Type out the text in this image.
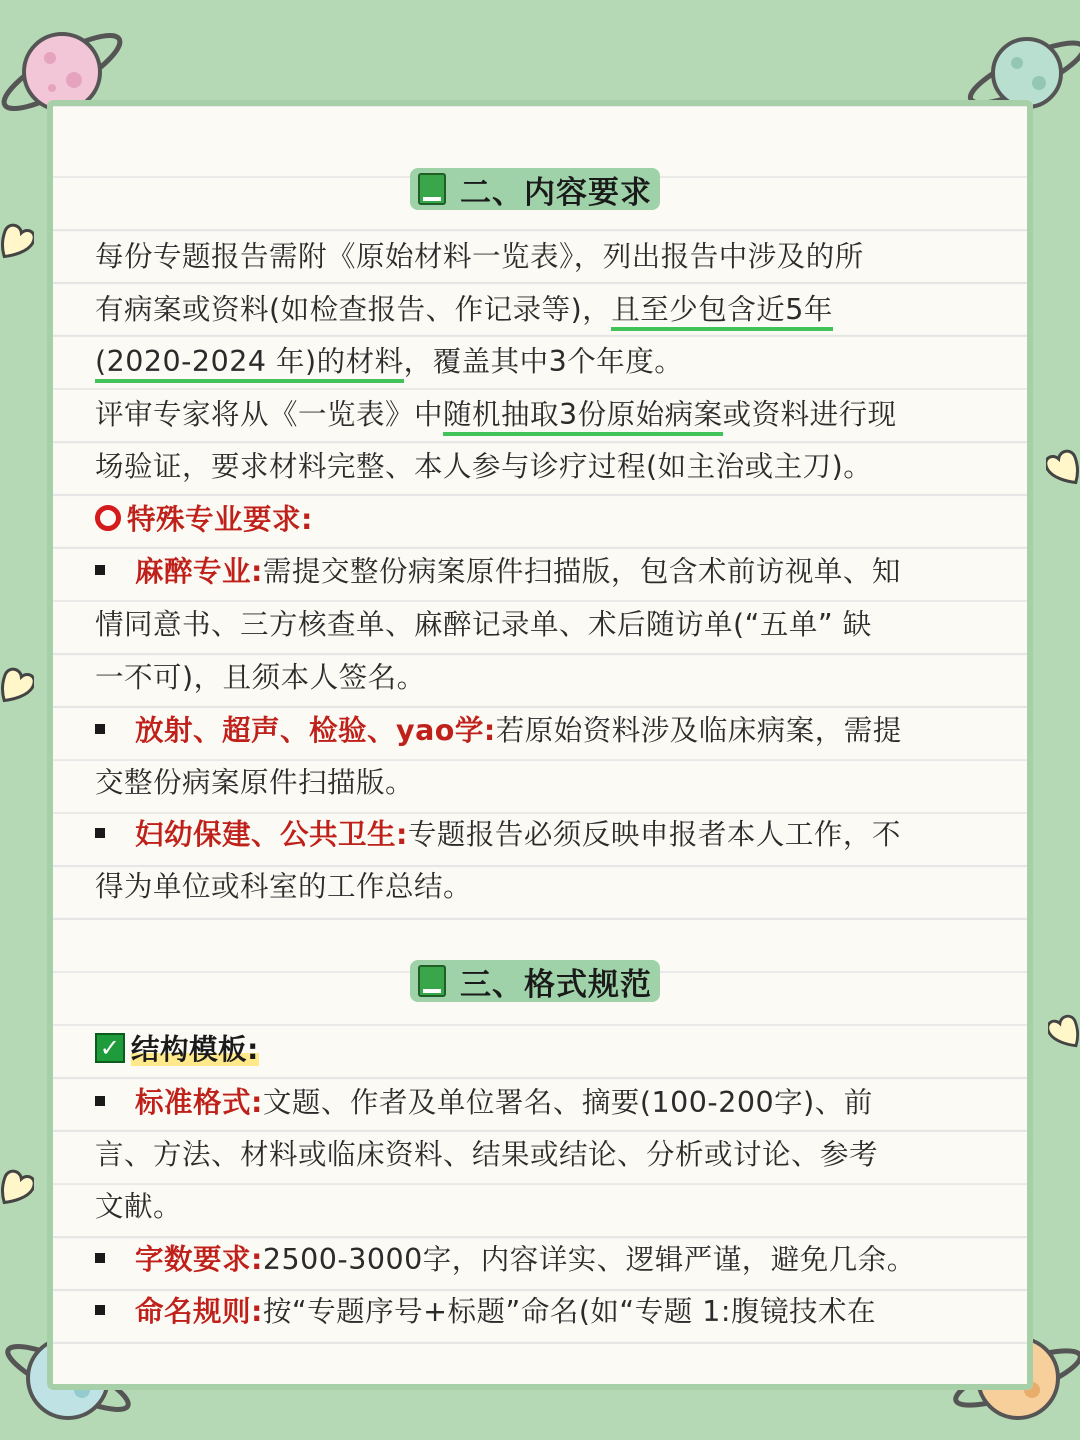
二、内容要求
每份专题报告需附《原始材料一览表》，列出报告中涉及的所
有病案或资料(如检查报告、作记录等)，且至少包含近5年
(2020-2024 年)的材料，覆盖其中3个年度。
评审专家将从《一览表》中随机抽取3份原始病案或资料进行现
场验证，要求材料完整、本人参与诊疗过程(如主治或主刀)。
特殊专业要求:
麻醉专业:需提交整份病案原件扫描版，包含术前访视单、知
情同意书、三方核查单、麻醉记录单、术后随访单(“五单” 缺
一不可)，且须本人签名。
放射、超声、检验、yao学:若原始资料涉及临床病案，需提
交整份病案原件扫描版。
妇幼保建、公共卫生:专题报告必须反映申报者本人工作，不
得为单位或科室的工作总结。
三、格式规范
✓ 结构模板:
标准格式:文题、作者及单位署名、摘要(100-200字)、前
言、方法、材料或临床资料、结果或结论、分析或讨论、参考
文献。
字数要求:2500-3000字，内容详实、逻辑严谨，避免几余。
命名规则:按“专题序号+标题”命名(如“专题 1:腹镜技术在
